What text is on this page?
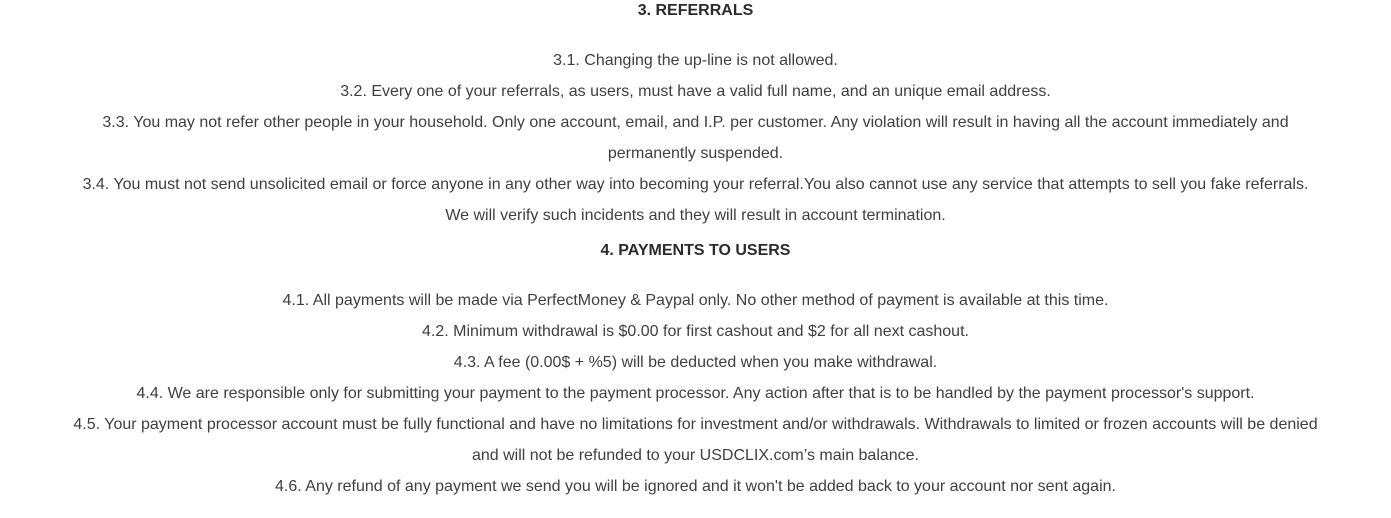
3. REFERRALS

3.1. Changing the up-line is not allowed.

3.2. Every one of your referrals, as users, must have a valid full name, and an unique email address.

3.3. You may not refer other people in your household. Only one account, email, and I.P. per customer. Any violation will result in having all the account immediately and permanently suspended.

3.4. You must not send unsolicited email or force anyone in any other way into becoming your referral.You also cannot use any service that attempts to sell you fake referrals. We will verify such incidents and they will result in account termination.

4. PAYMENTS TO USERS

4.1. All payments will be made via PerfectMoney & Paypal only. No other method of payment is available at this time.

4.2. Minimum withdrawal is $0.00 for first cashout and $2 for all next cashout.

4.3. A fee (0.00$ + %5) will be deducted when you make withdrawal.

4.4. We are responsible only for submitting your payment to the payment processor. Any action after that is to be handled by the payment processor's support.

4.5. Your payment processor account must be fully functional and have no limitations for investment and/or withdrawals. Withdrawals to limited or frozen accounts will be denied and will not be refunded to your USDCLIX.com’s main balance.

4.6. Any refund of any payment we send you will be ignored and it won't be added back to your account nor sent again.
